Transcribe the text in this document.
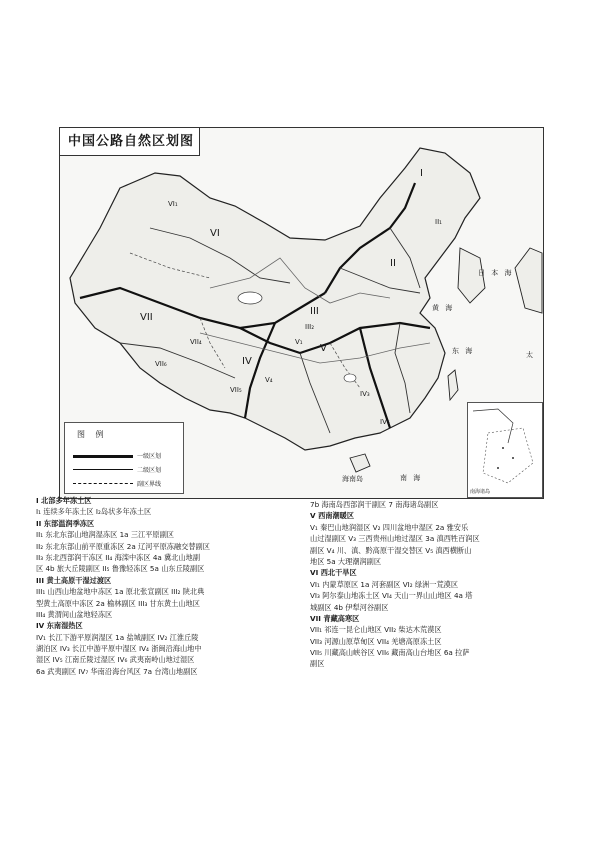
中国公路自然区划图
IV
VII
VI
I
II
III
V
VI₁
V₄
V₁
IV₃
IV₆
VII₆
VII₅
VII₄
II₁
III₂
日 本 海
东 海	太
黄 海
南 海
海南岛
图 例
一级区划
二级区划
副区界线
南海诸岛
I 北部多年冻土区
I₁ 连续多年冻土区 I₂岛状多年冻土区
II 东部温润季冻区
II₁ 东北东部山地润湿冻区 1a 三江平原副区
II₂ 东北东部山前平原重冻区 2a 辽河平原冻融交替副区
II₃ 东北西部润干冻区 II₄ 海滦中冻区 4a 冀北山地副
区 4b 旅大丘陵副区 II₅ 鲁豫轻冻区 5a 山东丘陵副区
III 黄土高原干湿过渡区
III₁ 山西山地盆地中冻区 1a 原北张宣副区 III₂ 陕北典
型黄土高原中冻区 2a 榆林副区 III₃ 甘东黄土山地区
III₄ 黄渭间山盆地轻冻区
IV 东南湿热区
IV₁ 长江下游平原润湿区 1a 盐城副区 IV₂ 江淮丘陵
湖泊区 IV₃ 长江中游平原中湿区 IV₄ 浙闽沿海山地中
湿区 IV₅ 江南丘陵过湿区 IV₆ 武夷南岭山地过湿区
6a 武夷副区 IV₇ 华南沿海台风区 7a 台湾山地副区
7b 海南岛西部润干副区 7 南海诸岛副区
V 西南潮暖区
V₁ 秦巴山地润湿区 V₂ 四川盆地中湿区 2a 雅安乐
山过湿副区 V₃ 三西贵州山地过湿区 3a 滇西牲百润区
副区 V₄ 川、滇、黔高原干湿交替区 V₅ 滇西横断山
地区 5a 大理潮润副区
VI 西北干旱区
VI₁ 内蒙草原区 1a 河套副区 VI₂ 绿洲一荒漠区
VI₃ 阿尔泰山地冻土区 VI₄ 天山一界山山地区 4a 塔
城副区 4b 伊犁河谷副区
VII 青藏高寒区
VII₁ 祁连一昆仑山地区 VII₂ 柴达木荒漠区
VII₃ 河源山原草甸区 VII₄ 羌塘高原冻土区
VII₅ 川藏高山峡谷区 VII₆ 藏南高山台地区 6a 拉萨
副区
